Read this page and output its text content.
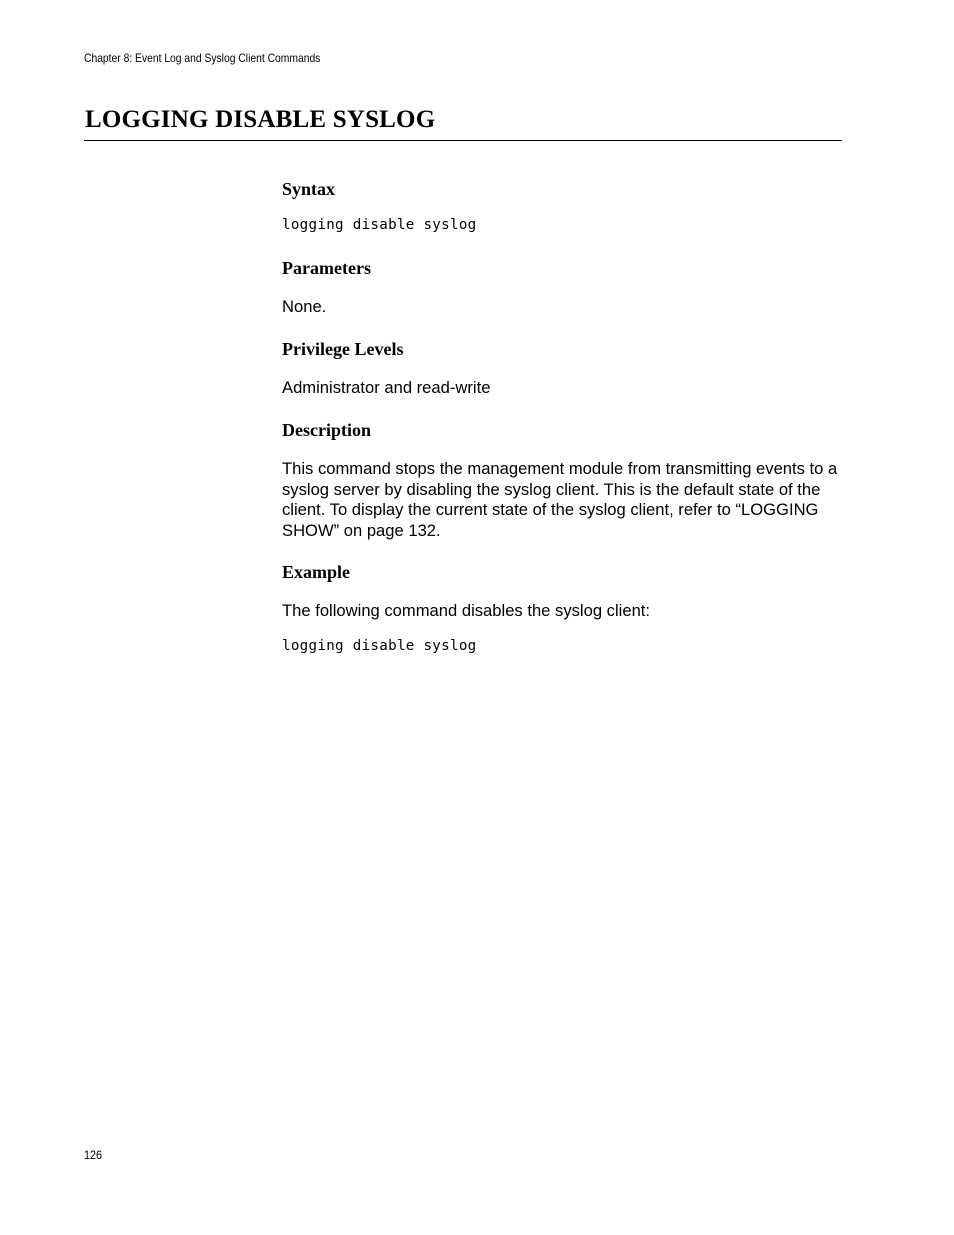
Chapter 8: Event Log and Syslog Client Commands
LOGGING DISABLE SYSLOG
Syntax
logging disable syslog
Parameters

None.

Privilege Levels

Administrator and read-write

Description

This command stops the management module from transmitting events to a syslog server by disabling the syslog client. This is the default state of the client. To display the current state of the syslog client, refer to “LOGGING SHOW” on page 132.

Example

The following command disables the syslog client:

logging disable syslog
126
